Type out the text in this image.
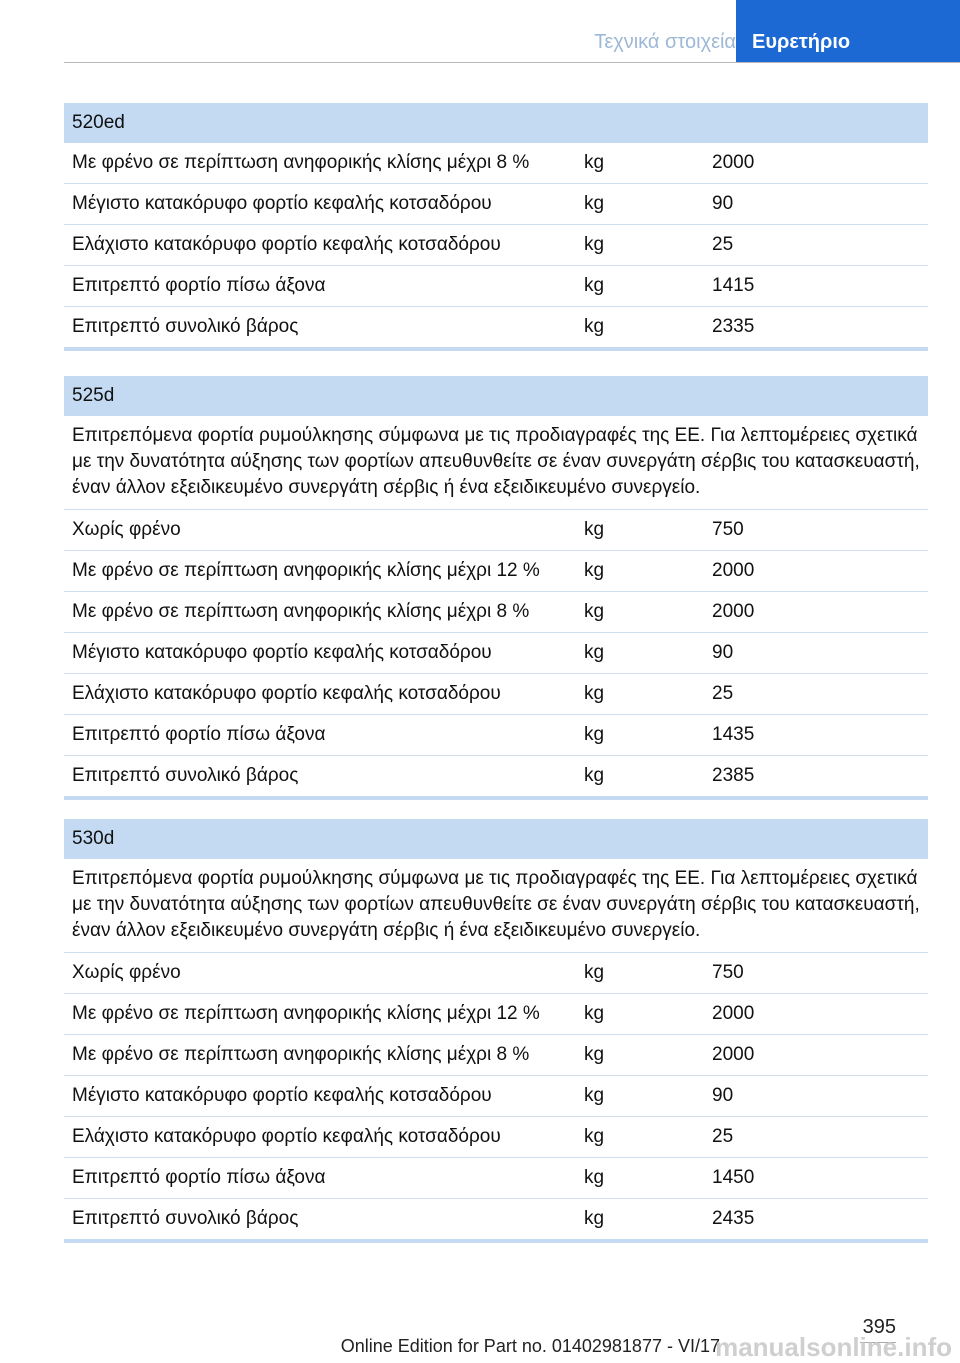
Τεχνικά στοιχεία Ευρετήριο
520ed		
Με φρένο σε περίπτωση ανηφορικής κλίσης μέχρι 8 %	kg	2000
Μέγιστο κατακόρυφο φορτίο κεφαλής κοτσαδόρου	kg	90
Ελάχιστο κατακόρυφο φορτίο κεφαλής κοτσαδόρου	kg	25
Επιτρεπτό φορτίο πίσω άξονα	kg	1415
Επιτρεπτό συνολικό βάρος	kg	2335
525d		
Επιτρεπόμενα φορτία ρυμούλκησης σύμφωνα με τις προδιαγραφές της ΕΕ. Για λεπτομέρειες σχετικά με την δυνατότητα αύξησης των φορτίων απευθυνθείτε σε έναν συνεργάτη σέρβις του κατασκευαστή, έναν άλλον εξειδικευμένο συνεργάτη σέρβις ή ένα εξειδικευμένο συνεργείο.		
Χωρίς φρένο	kg	750
Με φρένο σε περίπτωση ανηφορικής κλίσης μέχρι 12 %	kg	2000
Με φρένο σε περίπτωση ανηφορικής κλίσης μέχρι 8 %	kg	2000
Μέγιστο κατακόρυφο φορτίο κεφαλής κοτσαδόρου	kg	90
Ελάχιστο κατακόρυφο φορτίο κεφαλής κοτσαδόρου	kg	25
Επιτρεπτό φορτίο πίσω άξονα	kg	1435
Επιτρεπτό συνολικό βάρος	kg	2385
530d		
Επιτρεπόμενα φορτία ρυμούλκησης σύμφωνα με τις προδιαγραφές της ΕΕ. Για λεπτομέρειες σχετικά με την δυνατότητα αύξησης των φορτίων απευθυνθείτε σε έναν συνεργάτη σέρβις του κατασκευαστή, έναν άλλον εξειδικευμένο συνεργάτη σέρβις ή ένα εξειδικευμένο συνεργείο.		
Χωρίς φρένο	kg	750
Με φρένο σε περίπτωση ανηφορικής κλίσης μέχρι 12 %	kg	2000
Με φρένο σε περίπτωση ανηφορικής κλίσης μέχρι 8 %	kg	2000
Μέγιστο κατακόρυφο φορτίο κεφαλής κοτσαδόρου	kg	90
Ελάχιστο κατακόρυφο φορτίο κεφαλής κοτσαδόρου	kg	25
Επιτρεπτό φορτίο πίσω άξονα	kg	1450
Επιτρεπτό συνολικό βάρος	kg	2435
395
Online Edition for Part no. 01402981877 - VI/17
manualsonline.info
